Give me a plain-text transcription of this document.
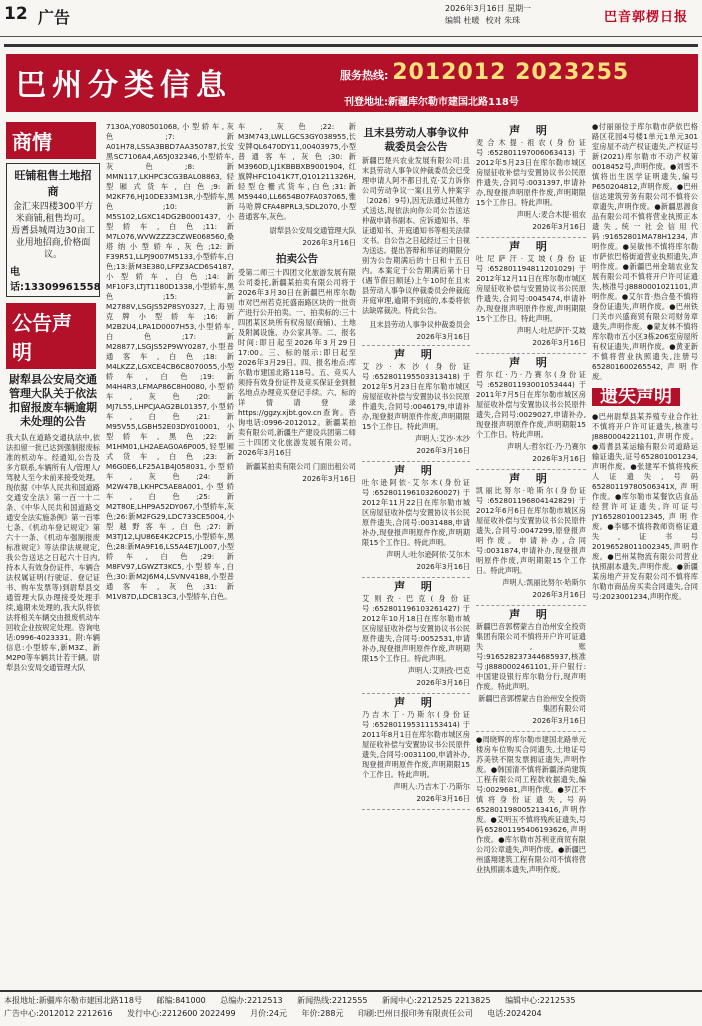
12 广告	2026年3月16日 星期一
编辑 杜暖 校对 朱珠	巴音郭楞日报
巴州分类信息	服务热线: 2012012 2023255
刊登地址:新疆库尔勒市建国北路118号
商情
旺铺租售土地招商
金汇来四楼300平方米商铺,租售均可。
焉耆县城周边30亩工业用地招商,价格面议。
电话:13309961558
公告声明
尉犁县公安局交通管理大队关于依法扣留报废车辆逾期未处理的公告
我大队在道路交通执法中,依法扣留一批已达到强制报废标准的机动车。经通知,公告及多方联系,车辆所有人/管理人/驾驶人至今未前来接受处理。现依据《中华人民共和国道路交通安全法》第一百一十二条、《中华人民共和国道路交通安全法实施条例》第一百零七条、《机动车登记规定》第六十一条、《机动车强制报废标准规定》等法律法规规定,我公告送达之日起六十日内,持本人有效身份证件、车辆合法权属证明(行驶证、登记证书、购车发票等)到尉犁县交通管理大队办理接受处理手续,逾期未处理的,我大队将依法将相关车辆交由报废机动车回收企业按规定处理。咨询电话:0996-4023331。附:车辆信息:小型轿车,新M3Z、新M2P0等车辆共计若干辆。尉犁县公安局交通管理大队
7130A,Y080501068,小型轿车,灰色;7:新A01H78,LSSA3BBD7AA350787,长安黑SC7106A4,A65J032346,小型轿车,灰色;8:新MMN117,LKHPC3CG3BAL08863,轻型厢式货车,白色;9:新M2KF76,HJ10DE33M13R,小型轿车,黑色;10:新M5S102,LGXC14DG2B0001437,小型轿车,白色;11:新M7L076,WVWZZZ3CZWE068560,桑塔纳小型轿车,灰色;12:新F39R51,LLPJ9007M5133,小型轿车,白色;13:新M3E380,LFPZ3ACD6S4187,小型轿车,白色;14:新MF10F3,LTJT1180D1338,小型轿车,黑色;15:新M2788V,LSGJS52P8SY0327,上海别克牌小型轿车;16:新M2B2U4,LPA1D0007H53,小型轿车,白色;17:新M28877,LSGJS52P9WY0287,小型普通客车,白色;18:新M4LKZZ,LGXCE4CB6C8070055,小型轿车,白色;19:新M4H4R3,LFMAP86C8H0080,小型轿车,灰色;20:新MJ7L55,LHPCJAAG2BL01357,小型轿车,白色;21:新M95V55,LGBH52E03DY010001,小型轿车,黑色;22:新M1HM01,LH2AEAG0A6P005,轻型厢式货车,白色;23:新M6G0E6,LF25A1B4J058031,小型轿车,灰色;24:新M2W47B,LKHPC5AE8A001,小型轿车,白色;25:新M2T80E,LHP9A52DY067,小型轿车,灰色;26:新M2FG29,LDC733CE5004,小型越野客车,白色;27:新M3TJ12,LJU86E4K2CP15,小型轿车,黑色;28:新MA9F16,LS5A4E7JL007,小型轿车,白色;29:新M8FV97,LGWZT3KC5,小型轿车,白色;30:新M2J6M4,LSVNV4188,小型普通客车,灰色;31:新M1V87D,LDC813C3,小型轿车,白色。
车,灰色;22:新M3M743,LWLLGCS3GY038955,长安牌QL6470DY11,00403975,小型普通客车,灰色;30:新M3960D,LJ1KBBBXB9001904,红旗牌HFC1041K7T,Q101211326H,轻型仓栅式货车,白色;31:新M59440,LL6654B07FA037065,雅马哈牌CFA48PRL3,SDL2070,小型普通客车,灰色。
尉犁县公安局交通管理大队
2026年3月16日
拍卖公告
受第二师三十四团文化旅游发展有限公司委托,新疆某拍卖有限公司将于2026年3月30日在新疆巴州库尔勒市对巴州若克托盛南路区块的一批资产进行公开拍卖。一、拍卖标的:三十四团某区块所有权房屋(商铺)、土地及附属设施、办公家具等。二、报名时间:即日起至2026年3月29日17:00。三、标的展示:即日起至2026年3月29日。四、报名地点:库尔勒市建国北路118号。五、竞买人须持有效身份证件及竞买保证金到报名地点办理竞买登记手续。六、标的详情请登录https://ggzy.xjbt.gov.cn查询。咨询电话:0996-2012012。新疆某拍卖有限公司,新疆生产建设兵团第二师三十四团文化旅游发展有限公司。2026年3月16日
新疆某拍卖有限公司 门面出租公司
2026年3月16日
且末县劳动人事争议仲裁委员会公告
新疆巴楚兴农业发展有限公司:且末县劳动人事争议仲裁委员会已受理申请人阿不都日扎克·艾力诉你公司劳动争议一案(且劳人仲案字〔2026〕9号),因无法通过其他方式送达,现依法向你公司公告送达仲裁申请书副本、应诉通知书、举证通知书、开庭通知书等相关法律文书。自公告之日起经过三十日视为送达。提出答辩和举证的期限分别为公告期满后的十日和十五日内。本案定于公告期满后第十日(遇节假日顺延)上午10时在且末县劳动人事争议仲裁委员会仲裁庭开庭审理,逾期不到庭的,本委将依法缺席裁决。特此公告。
且末县劳动人事争议仲裁委员会
2026年3月16日
声 明
艾沙·木沙(身份证号:652801195503313418)于2012年5月23日在库尔勒市城区房屋征收补偿与安置协议书公民原件遗失,合同号:0046179,申请补办,现登报声明原件作废,声明期限15个工作日。特此声明。
声明人:艾沙·木沙
2026年3月16日
声 明
吐尔逊阿依·艾尔木(身份证号:652801196103260027)于2012年11月22日在库尔勒市城区房屋征收补偿与安置协议书公民原件遗失,合同号:0031488,申请补办,现登报声明原件作废,声明期限15个工作日。特此声明。
声明人:吐尔逊阿依·艾尔木
2026年3月16日
声 明
艾则孜·巴克(身份证号:652801196103261427)于2012年10月18日在库尔勒市城区房屋征收补偿与安置协议书公民原件遗失,合同号:0052531,申请补办,现登报声明原件作废,声明期限15个工作日。特此声明。
声明人:艾则孜·巴克
2026年3月16日
声 明
乃吉木丁·乃斯尔(身份证号:652801195311153414)于2011年8月1日在库尔勒市城区房屋征收补偿与安置协议书公民原件遗失,合同号:0031100,申请补办,现登报声明原件作废,声明期限15个工作日。特此声明。
声明人:乃吉木丁·乃斯尔
2026年3月16日
声 明
麦合木提·祖农(身份证号:652801197006063413)于2012年5月23日在库尔勒市城区房屋征收补偿与安置协议书公民原件遗失,合同号:0031397,申请补办,现登报声明原件作废,声明期限15个工作日。特此声明。
声明人:麦合木提·祖农
2026年3月16日
声 明
吐尼萨汗·艾坡(身份证号:652801194811201029)于2012年12月11日在库尔勒市城区房屋征收补偿与安置协议书公民原件遗失,合同号:0045474,申请补办,现登报声明原件作废,声明期限15个工作日。特此声明。
声明人:吐尼萨汗·艾坡
2026年3月16日
声 明
哲尔红·乃·乃赛尔(身份证号:652801193001053444)于2011年7月5日在库尔勒市城区房屋征收补偿与安置协议书公民原件遗失,合同号:0029027,申请补办,现登报声明原件作废,声明期限15个工作日。特此声明。
声明人:哲尔红·乃·乃赛尔
2026年3月16日
声 明
凯丽比努尔·哈斯尔(身份证号:652801196804142829)于2012年6月6日在库尔勒市城区房屋征收补偿与安置协议书公民原件遗失,合同号:0047299,原登报声明作废。申请补办,合同号:0031874,申请补办,现登报声明原件作废,声明期限15个工作日。特此声明。
声明人:凯丽比努尔·哈斯尔
2026年3月16日
声 明
新疆巴音郭楞蒙古自治州安全投资集团有限公司不慎将开户许可证遗失,账号:916528237344685937,核准号:J8880002461101,开户银行:中国建设银行库尔勒分行,现声明作废。特此声明。
新疆巴音郭楞蒙古自治州安全投资集团有限公司
2026年3月16日
●周晓辉的库尔勒市建国北路单元楼房车位购买合同遗失,土地证号苏美铁不限发票拥证遗失,声明作废。●韩国清不慎将新疆泽尚建筑工程有限公司工程款收据遗失,编号:0029681,声明作废。●罗江不慎将身份证遗失,号码652801198005213416,声明作废。●艾明玉不慎将残疾证遗失,号码652801195406193626,声明作废。●库尔勒市苏利亚商贸有限公司公章遗失,声明作废。●新疆巴州盛翔建筑工程有限公司不慎将营业执照副本遗失,声明作废。
●付丽丽位于库尔勒市萨依巴格路区花园4号楼1单元1单元301室房屋不动产权证遗失,产权证号新(2021)库尔勒市不动产权第0018452号,声明作废。●刘雪不慎将出生医学证明遗失,编号P650204812,声明作废。●巴州信达建筑劳务有限公司不慎将公章遗失,声明作废。●新疆思源食品有限公司不慎将营业执照正本遗失,统一社会信用代码:91652801MA78H1234,声明作废。●吴敏伟不慎将库尔勒市萨依巴格街道营业执照遗失,声明作废。●新疆巴州金瑞农业发展有限公司不慎将开户许可证遗失,核准号:J8880001021101,声明作废。●艾尔肯·热合曼不慎将身份证遗失,声明作废。●巴州铁门关市兴盛商贸有限公司财务章遗失,声明作废。●蒙友林不慎将库尔勒市五小区3栋206室房屋所有权证遗失,声明作废。●黄亚新不慎将营业执照遗失,注册号652801600265542,声明作废。
遗失声明
●巴州尉犁县某养殖专业合作社不慎将开户许可证遗失,核准号J8880004221101,声明作废。●焉耆县某运输有限公司道路运输证遗失,证号652801001234,声明作废。●张建军不慎将残疾人证遗失,号码65280119780506341X,声明作废。●库尔勒市某餐饮店食品经营许可证遗失,许可证号JY16528010012345,声明作废。●李娜不慎将教师资格证遗失,证书号20196528011002345,声明作废。●巴州某物流有限公司营业执照副本遗失,声明作废。●新疆某房地产开发有限公司不慎将库尔勒市商品房买卖合同遗失,合同号:2023001234,声明作废。
本报地址:新疆库尔勒市建国北路118号 邮编:841000 总编办:2212513 新闻热线:2212555 新闻中心:2212525 2213825 编辑中心:2212535
广告中心:2012012 2212616 发行中心:2212600 2022499 月价:24元 年价:288元 印刷:巴州日报印务有限责任公司 电话:2024204
